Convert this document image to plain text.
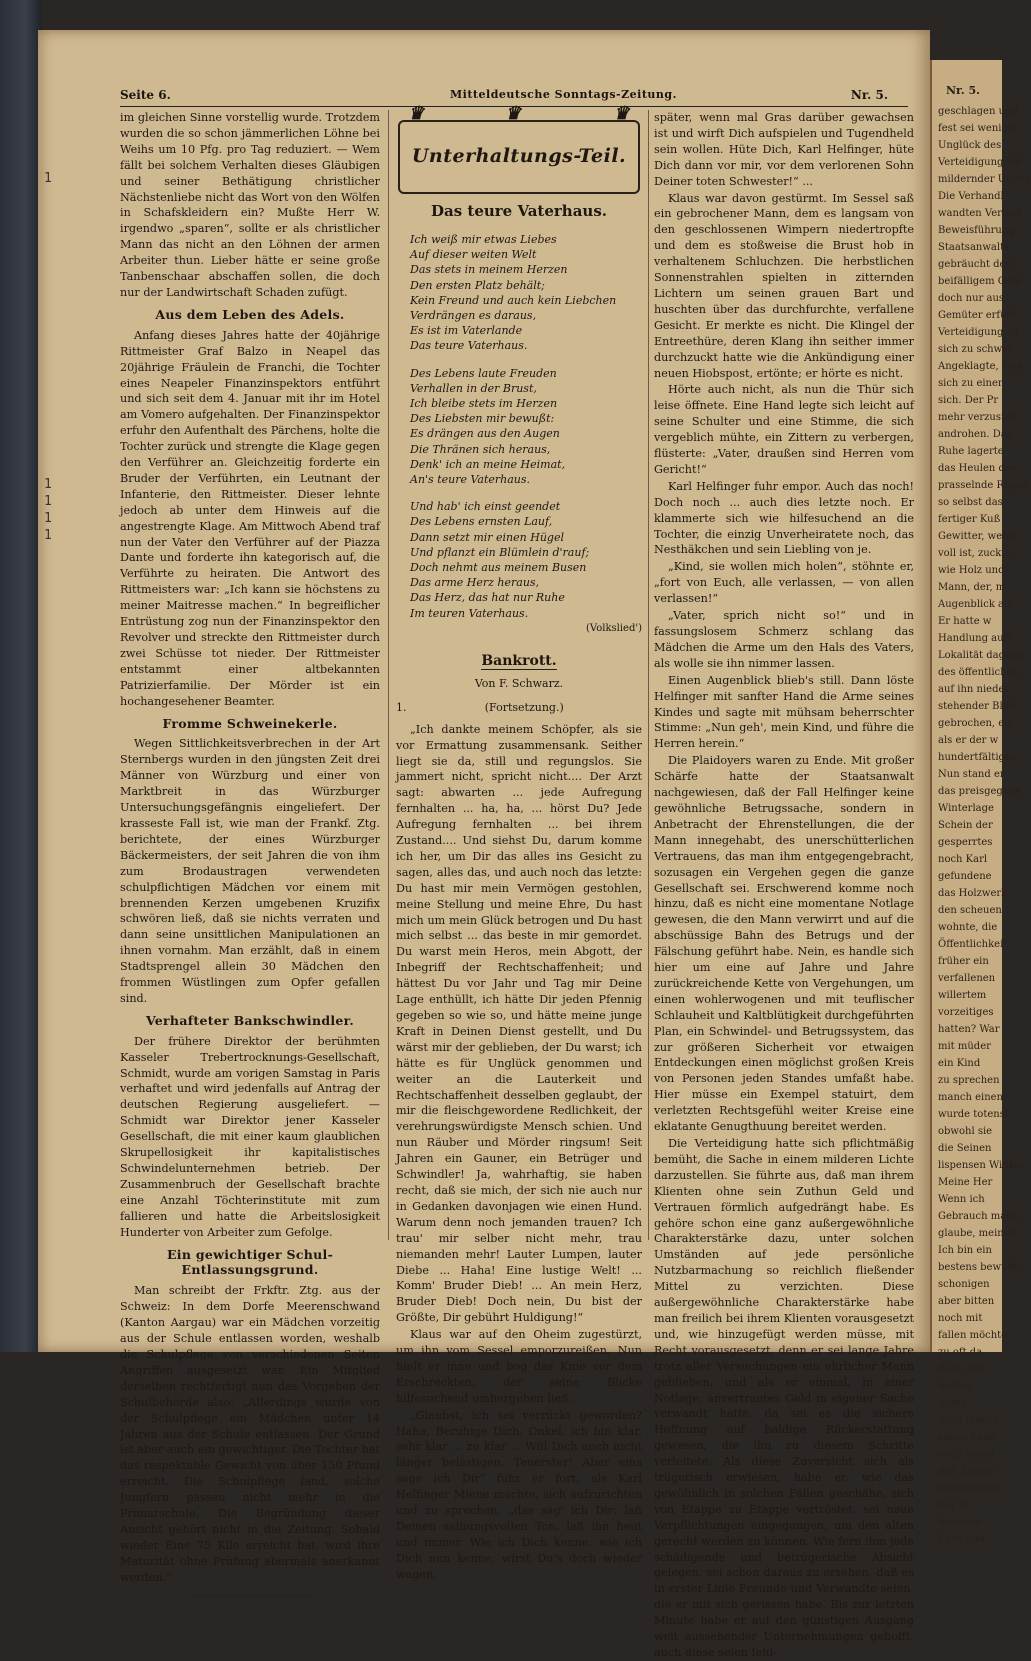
1

1
1
1
1
Seite 6.	Mitteldeutsche Sonntags-Zeitung.	Nr. 5.

im gleichen Sinne vorstellig wurde. Trotzdem wurden die so schon jämmerlichen Löhne bei Weihs um 10 Pfg. pro Tag reduziert. — Wem fällt bei solchem Verhalten dieses Gläubigen und seiner Bethätigung christlicher Nächstenliebe nicht das Wort von den Wölfen in Schafskleidern ein? Mußte Herr W. irgendwo „sparen“, sollte er als christlicher Mann das nicht an den Löhnen der armen Arbeiter thun. Lieber hätte er seine große Tanbenschaar abschaffen sollen, die doch nur der Landwirtschaft Schaden zufügt.

Aus dem Leben des Adels.

Anfang dieses Jahres hatte der 40jährige Rittmeister Graf Balzo in Neapel das 20jährige Fräulein de Franchi, die Tochter eines Neapeler Finanzinspektors entführt und sich seit dem 4. Januar mit ihr im Hotel am Vomero aufgehalten. Der Finanzinspektor erfuhr den Aufenthalt des Pärchens, holte die Tochter zurück und strengte die Klage gegen den Verführer an. Gleichzeitig forderte ein Bruder der Verführten, ein Leutnant der Infanterie, den Rittmeister. Dieser lehnte jedoch ab unter dem Hinweis auf die angestrengte Klage. Am Mittwoch Abend traf nun der Vater den Verführer auf der Piazza Dante und forderte ihn kategorisch auf, die Verführte zu heiraten. Die Antwort des Rittmeisters war: „Ich kann sie höchstens zu meiner Maitresse machen.“ In begreiflicher Entrüstung zog nun der Finanzinspektor den Revolver und streckte den Rittmeister durch zwei Schüsse tot nieder. Der Rittmeister entstammt einer altbekannten Patrizierfamilie. Der Mörder ist ein hochangesehener Beamter.

Fromme Schweinekerle.

Wegen Sittlichkeitsverbrechen in der Art Sternbergs wurden in den jüngsten Zeit drei Männer von Würzburg und einer von Marktbreit in das Würzburger Untersuchungsgefängnis eingeliefert. Der krasseste Fall ist, wie man der Frankf. Ztg. berichtete, der eines Würzburger Bäckermeisters, der seit Jahren die von ihm zum Brodaustragen verwendeten schulpflichtigen Mädchen vor einem mit brennenden Kerzen umgebenen Kruzifix schwören ließ, daß sie nichts verraten und dann seine unsittlichen Manipulationen an ihnen vornahm. Man erzählt, daß in einem Stadtsprengel allein 30 Mädchen den frommen Wüstlingen zum Opfer gefallen sind.

Verhafteter Bankschwindler.

Der frühere Direktor der berühmten Kasseler Trebertrocknungs-Gesellschaft, Schmidt, wurde am vorigen Samstag in Paris verhaftet und wird jedenfalls auf Antrag der deutschen Regierung ausgeliefert. — Schmidt war Direktor jener Kasseler Gesellschaft, die mit einer kaum glaublichen Skrupellosigkeit ihr kapitalistisches Schwindelunternehmen betrieb. Der Zusammenbruch der Gesellschaft brachte eine Anzahl Töchterinstitute mit zum fallieren und hatte die Arbeitslosigkeit Hunderter von Arbeiter zum Gefolge.

Ein gewichtiger Schul-Entlassungsgrund.

Man schreibt der Frkftr. Ztg. aus der Schweiz: In dem Dorfe Meerenschwand (Kanton Aargau) war ein Mädchen vorzeitig aus der Schule entlassen worden, weshalb die Schulpflege von verschiedenen Seiten Angriffen ausgesetzt war. Ein Mitglied derselben rechtfertigt nun das Vorgehen der Schulbehörde also: „Allerdings wurde von der Schulpflege ein Mädchen unter 14 Jahren aus der Schule entlassen. Der Grund ist aber auch ein gewichtiger. Die Tochter hat das respektable Gewicht von über 150 Pfund erreicht. Die Schulpflege fand, solche Jungfern passen nicht mehr in die Primarschule. Die Begründung dieser Ansicht gehört nicht in die Zeitung. Sobald wieder Eine 75 Kilo erreicht hat, wird ihre Maturität ohne Prüfung abermals anerkannt werden.“

♛	♛	♛
Unterhaltungs-Teil.
Das teure Vaterhaus.
Ich weiß mir etwas Liebes
Auf dieser weiten Welt
Das stets in meinem Herzen
Den ersten Platz behält;
Kein Freund und auch kein Liebchen
Verdrängen es daraus,
Es ist im Vaterlande
Das teure Vaterhaus.
Des Lebens laute Freuden
Verhallen in der Brust,
Ich bleibe stets im Herzen
Des Liebsten mir bewußt:
Es drängen aus den Augen
Die Thränen sich heraus,
Denk' ich an meine Heimat,
An's teure Vaterhaus.
Und hab' ich einst geendet
Des Lebens ernsten Lauf,
Dann setzt mir einen Hügel
Und pflanzt ein Blümlein d'rauf;
Doch nehmt aus meinem Busen
Das arme Herz heraus,
Das Herz, das hat nur Ruhe
Im teuren Vaterhaus.
(Volkslied')
Bankrott.
Von F. Schwarz.
1.	(Fortsetzung.)

„Ich dankte meinem Schöpfer, als sie vor Ermattung zusammensank. Seither liegt sie da, still und regungslos. Sie jammert nicht, spricht nicht.... Der Arzt sagt: abwarten ... jede Aufregung fernhalten ... ha, ha, ... hörst Du? Jede Aufregung fernhalten ... bei ihrem Zustand.... Und siehst Du, darum komme ich her, um Dir das alles ins Gesicht zu sagen, alles das, und auch noch das letzte: Du hast mir mein Vermögen gestohlen, meine Stellung und meine Ehre, Du hast mich um mein Glück betrogen und Du hast mich selbst ... das beste in mir gemordet. Du warst mein Heros, mein Abgott, der Inbegriff der Rechtschaffenheit; und hättest Du vor Jahr und Tag mir Deine Lage enthüllt, ich hätte Dir jeden Pfennig gegeben so wie so, und hätte meine junge Kraft in Deinen Dienst gestellt, und Du wärst mir der geblieben, der Du warst; ich hätte es für Unglück genommen und weiter an die Lauterkeit und Rechtschaffenheit desselben geglaubt, der mir die fleischgewordene Redlichkeit, der verehrungswürdigste Mensch schien. Und nun Räuber und Mörder ringsum! Seit Jahren ein Gauner, ein Betrüger und Schwindler! Ja, wahrhaftig, sie haben recht, daß sie mich, der sich nie auch nur in Gedanken davonjagen wie einen Hund. Warum denn noch jemanden trauen? Ich trau' mir selber nicht mehr, trau niemanden mehr! Lauter Lumpen, lauter Diebe ... Haha! Eine lustige Welt! ... Komm' Bruder Dieb! ... An mein Herz, Bruder Dieb! Doch nein, Du bist der Größte, Dir gebührt Huldigung!“

Klaus war auf den Oheim zugestürzt, um ihn vom Sessel emporzureißen. Nun hielt er inne und bog das Knie vor dem Erschreckten, der seine Blicke hilfesuchend umhergehen ließ.

„Glaubst, ich sei verrückt geworden? Haha, Beruhige Dich, Onkel, ich bin klar, sehr klar ... zu klar ... Will Dich auch nicht länger belästigen, Teuerster! Aber eins sage ich Dir“ fuhr er fort, als Karl Helfinger Miene machte, sich aufzurichten und zu sprechen, „das sag' ich Dir: laß Deinen salbungsvollen Ton, laß ihn heut und immer. Wie ich Dich kenne, wie ich Dich nun kenne, wirst Du's doch wieder wagen,

später, wenn mal Gras darüber gewachsen ist und wirft Dich aufspielen und Tugendheld sein wollen. Hüte Dich, Karl Helfinger, hüte Dich dann vor mir, vor dem verlorenen Sohn Deiner toten Schwester!“ ...

Klaus war davon gestürmt. Im Sessel saß ein gebrochener Mann, dem es langsam von den geschlossenen Wimpern niedertropfte und dem es stoßweise die Brust hob in verhaltenem Schluchzen. Die herbstlichen Sonnenstrahlen spielten in zitternden Lichtern um seinen grauen Bart und huschten über das durchfurchte, verfallene Gesicht. Er merkte es nicht. Die Klingel der Entreethüre, deren Klang ihn seither immer durchzuckt hatte wie die Ankündigung einer neuen Hiobspost, ertönte; er hörte es nicht.

Hörte auch nicht, als nun die Thür sich leise öffnete. Eine Hand legte sich leicht auf seine Schulter und eine Stimme, die sich vergeblich mühte, ein Zittern zu verbergen, flüsterte: „Vater, draußen sind Herren vom Gericht!“

Karl Helfinger fuhr empor. Auch das noch! Doch noch ... auch dies letzte noch. Er klammerte sich wie hilfesuchend an die Tochter, die einzig Unverheiratete noch, das Nesthäkchen und sein Liebling von je.

„Kind, sie wollen mich holen“, stöhnte er, „fort von Euch, alle verlassen, — von allen verlassen!“

„Vater, sprich nicht so!“ und in fassungslosem Schmerz schlang das Mädchen die Arme um den Hals des Vaters, als wolle sie ihn nimmer lassen.

Einen Augenblick blieb's still. Dann löste Helfinger mit sanfter Hand die Arme seines Kindes und sagte mit mühsam beherrschter Stimme: „Nun geh', mein Kind, und führe die Herren herein.“

Die Plaidoyers waren zu Ende. Mit großer Schärfe hatte der Staatsanwalt nachgewiesen, daß der Fall Helfinger keine gewöhnliche Betrugssache, sondern in Anbetracht der Ehrenstellungen, die der Mann innegehabt, des unerschütterlichen Vertrauens, das man ihm entgegengebracht, sozusagen ein Vergehen gegen die ganze Gesellschaft sei. Erschwerend komme noch hinzu, daß es nicht eine momentane Notlage gewesen, die den Mann verwirrt und auf die abschüssige Bahn des Betrugs und der Fälschung geführt habe. Nein, es handle sich hier um eine auf Jahre und Jahre zurückreichende Kette von Vergehungen, um einen wohlerwogenen und mit teuflischer Schlauheit und Kaltblütigkeit durchgeführten Plan, ein Schwindel- und Betrugssystem, das zur größeren Sicherheit vor etwaigen Entdeckungen einen möglichst großen Kreis von Personen jeden Standes umfaßt habe. Hier müsse ein Exempel statuirt, dem verletzten Rechtsgefühl weiter Kreise eine eklatante Genugthuung bereitet werden.

Die Verteidigung hatte sich pflichtmäßig bemüht, die Sache in einem milderen Lichte darzustellen. Sie führte aus, daß man ihrem Klienten ohne sein Zuthun Geld und Vertrauen förmlich aufgedrängt habe. Es gehöre schon eine ganz außergewöhnliche Charakterstärke dazu, unter solchen Umständen auf jede persönliche Nutzbarmachung so reichlich fließender Mittel zu verzichten. Diese außergewöhnliche Charakterstärke habe man freilich bei ihrem Klienten vorausgesetzt und, wie hinzugefügt werden müsse, mit Recht vorausgesetzt, denn er sei lange Jahre trotz aller Versuchungen ein ehrlicher Mann geblieben, und als er einmal, in einer Notlage, anvertrautes Geld in eigener Sache verwandt hatte, da sei es die sichere Hoffnung auf baldige Rückerstattung gewesen, die ihn zu diesem Schritte verleitete. Als diese Zuversicht sich als trügerisch erwiesen, habe er, wie das gewöhnlich in solchen Fällen geschähe, sich von Etappe zu Etappe vertröstet, sei neue Verpflichtungen eingegangen, um den alten gerecht werden zu können. Wie fern ihm jede schädigende und betrügerische Absicht gelegen, sei schon daraus zu ersehen, daß es in erster Linie Freunde und Verwandte seien, die er mit sich gerissen habe. Bis zur letzten Minute habe er auf den günstigen Ausgang weit aussehender Unternehmungen gehofft, auch diese seien fehl-

Nr. 5.
geschlagen und
fest sei wenige
Unglück des
Verteidigung hat
mildernder Umstä
Die Verhandl
wandten Verteid
Beweisführung
Staatsanwalts
gebräucht den
beifälligem Gem
doch nur aus
Gemüter erfüllt
Verteidigung zu
sich zu schwer
Angeklagte, vom
sich zu einer
sich. Der Pr
mehr verzustell
androhen. Das
Ruhe lagerte
das Heulen des
prasselnde Regen
so selbst das
fertiger Kuß
Gewitter, wenn
voll ist, zuckte
wie Holz und
Mann, der, m
Augenblick auf
Er hatte w
Handlung aufs
Lokalität dagege
des öffentlichen
auf ihn nieder
stehender Blick
gebrochen, ein
als er der w
hundertfältigen
Nun stand er
das preisgegebe
Winterlage
Schein der
gesperrtes
noch Karl
gefundene
das Holzwerk
den scheuen
wohnte, die
Öffentlichkeit
früher ein
verfallenen
willertem
vorzeitiges
hatten? War
mit müder
ein Kind
zu sprechen
manch einen
wurde totenst
obwohl sie
die Seinen
lispensen Winkel
Meine Her
Wenn ich
Gebrauch mach
glaube, meiner
Ich bin ein
bestens bewußt
schonigen
aber bitten
noch mit
fallen möchte
zu oft da
Bank der
befreit
in die
mich jemals
sagen habe
noch fallen
daß Sieben
und werden
nur in
Schande
Ehre und
